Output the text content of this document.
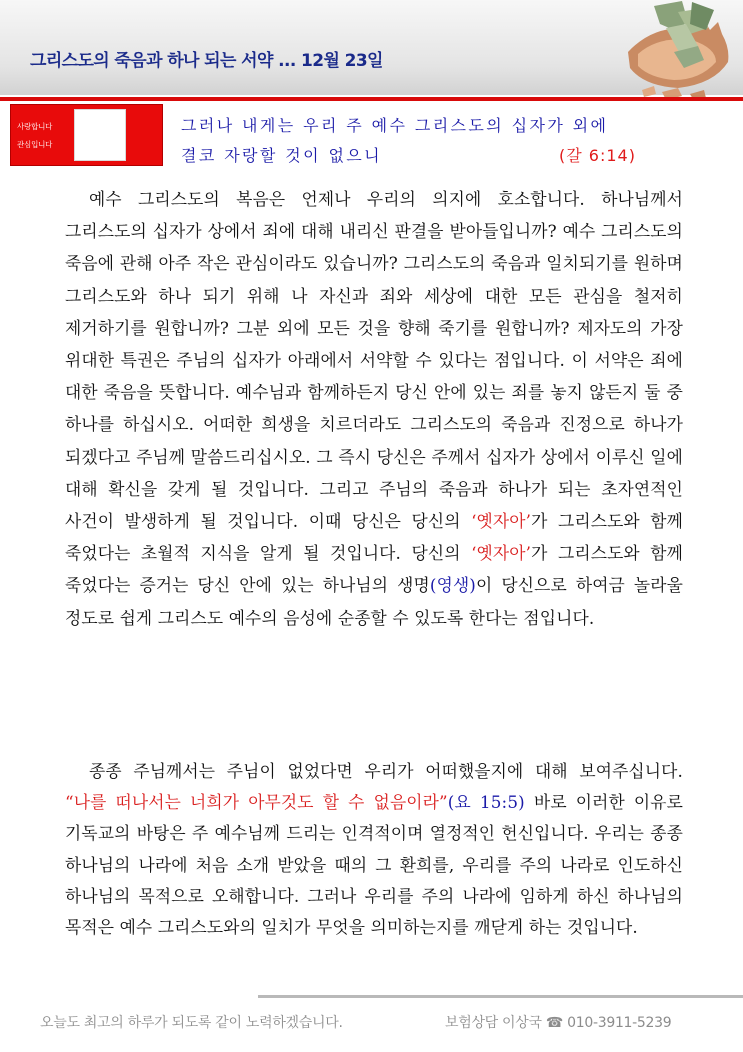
그리스도의 죽음과 하나 되는 서약 ... 12월 23일
사랑합니다
관심입니다
그러나 내게는 우리 주 예수 그리스도의 십자가 외에
결코 자랑할 것이 없으니	(갈 6:14)
예수 그리스도의 복음은 언제나 우리의 의지에 호소합니다. 하나님께서 그리스도의 십자가 상에서 죄에 대해 내리신 판결을 받아들입니까? 예수 그리스도의 죽음에 관해 아주 작은 관심이라도 있습니까? 그리스도의 죽음과 일치되기를 원하며 그리스도와 하나 되기 위해 나 자신과 죄와 세상에 대한 모든 관심을 철저히 제거하기를 원합니까? 그분 외에 모든 것을 향해 죽기를 원합니까? 제자도의 가장 위대한 특권은 주님의 십자가 아래에서 서약할 수 있다는 점입니다. 이 서약은 죄에 대한 죽음을 뜻합니다. 예수님과 함께하든지 당신 안에 있는 죄를 놓지 않든지 둘 중 하나를 하십시오. 어떠한 희생을 치르더라도 그리스도의 죽음과 진정으로 하나가 되겠다고 주님께 말씀드리십시오. 그 즉시 당신은 주께서 십자가 상에서 이루신 일에 대해 확신을 갖게 될 것입니다. 그리고 주님의 죽음과 하나가 되는 초자연적인 사건이 발생하게 될 것입니다. 이때 당신은 당신의 ‘옛자아’가 그리스도와 함께 죽었다는 초월적 지식을 알게 될 것입니다. 당신의 ‘옛자아’가 그리스도와 함께 죽었다는 증거는 당신 안에 있는 하나님의 생명(영생)이 당신으로 하여금 놀라울 정도로 쉽게 그리스도 예수의 음성에 순종할 수 있도록 한다는 점입니다.
종종 주님께서는 주님이 없었다면 우리가 어떠했을지에 대해 보여주십니다. “나를 떠나서는 너희가 아무것도 할 수 없음이라”(요 15:5) 바로 이러한 이유로 기독교의 바탕은 주 예수님께 드리는 인격적이며 열정적인 헌신입니다. 우리는 종종 하나님의 나라에 처음 소개 받았을 때의 그 환희를, 우리를 주의 나라로 인도하신 하나님의 목적으로 오해합니다. 그러나 우리를 주의 나라에 임하게 하신 하나님의 목적은 예수 그리스도와의 일치가 무엇을 의미하는지를 깨닫게 하는 것입니다.
오늘도 최고의 하루가 되도록 같이 노력하겠습니다.	보험상담 이상국 ☎ 010-3911-5239
